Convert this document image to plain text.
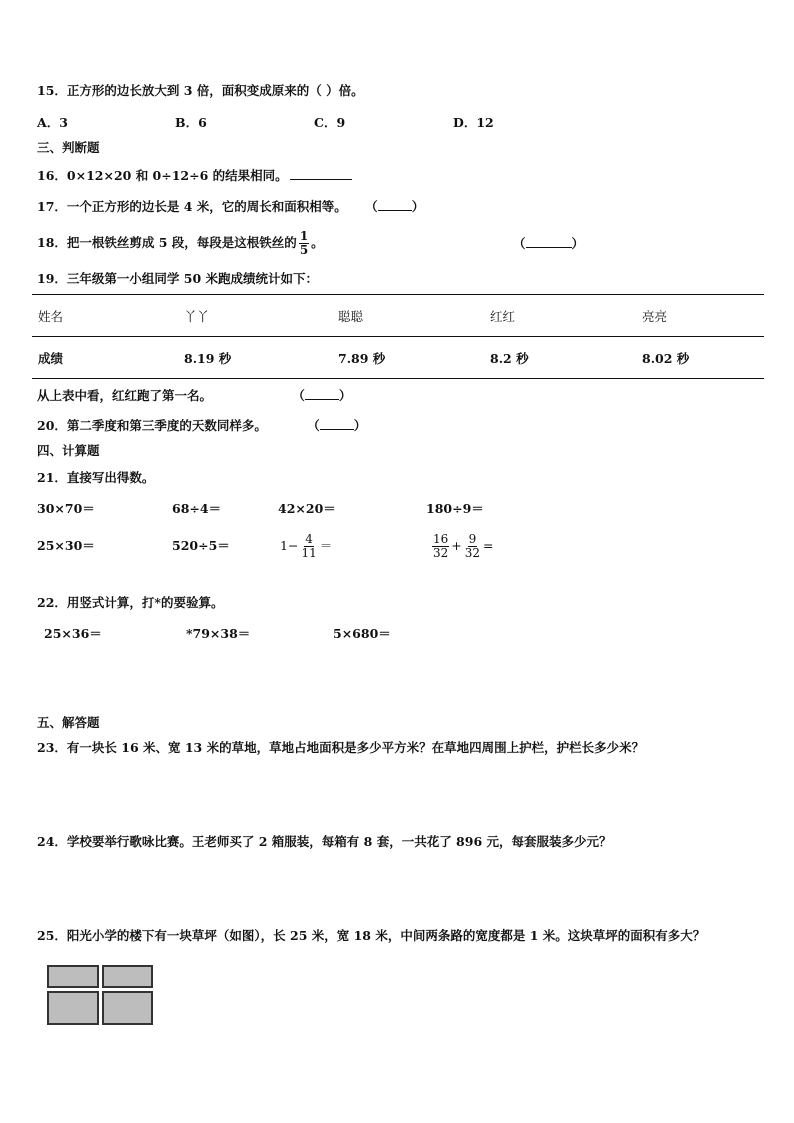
15．正方形的边长放大到 3 倍，面积变成原来的（ ）倍。
A．3	B．6	C．9	D．12
三、判断题
16．0×12×20 和 0÷12÷6 的结果相同。
17．一个正方形的边长是 4 米，它的周长和面积相等。 （	）
18．把一根铁丝剪成 5 段，每段是这根铁丝的 $\frac{1}{5}$ 。	（	）
19．三年级第一小组同学 50 米跑成绩统计如下：
姓名	丫丫	聪聪	红红	亮亮
成绩	8.19 秒	7.89 秒	8.2 秒	8.02 秒
从上表中看，红红跑了第一名。	（	）
20．第二季度和第三季度的天数同样多。	（	）
四、计算题
21．直接写出得数。
30×70＝	68÷4＝	42×20＝	180÷9＝
25×30＝	520÷5＝	$1- \frac{4}{11}$ ＝	$\frac{16}{32} + \frac{9}{32}$ =
22．用竖式计算，打*的要验算。
25×36＝	*79×38＝	5×680＝
五、解答题
23．有一块长 16 米、宽 13 米的草地，草地占地面积是多少平方米？在草地四周围上护栏，护栏长多少米？
24．学校要举行歌咏比赛。王老师买了 2 箱服装，每箱有 8 套，一共花了 896 元，每套服装多少元？
25．阳光小学的楼下有一块草坪（如图），长 25 米，宽 18 米，中间两条路的宽度都是 1 米。这块草坪的面积有多大？
